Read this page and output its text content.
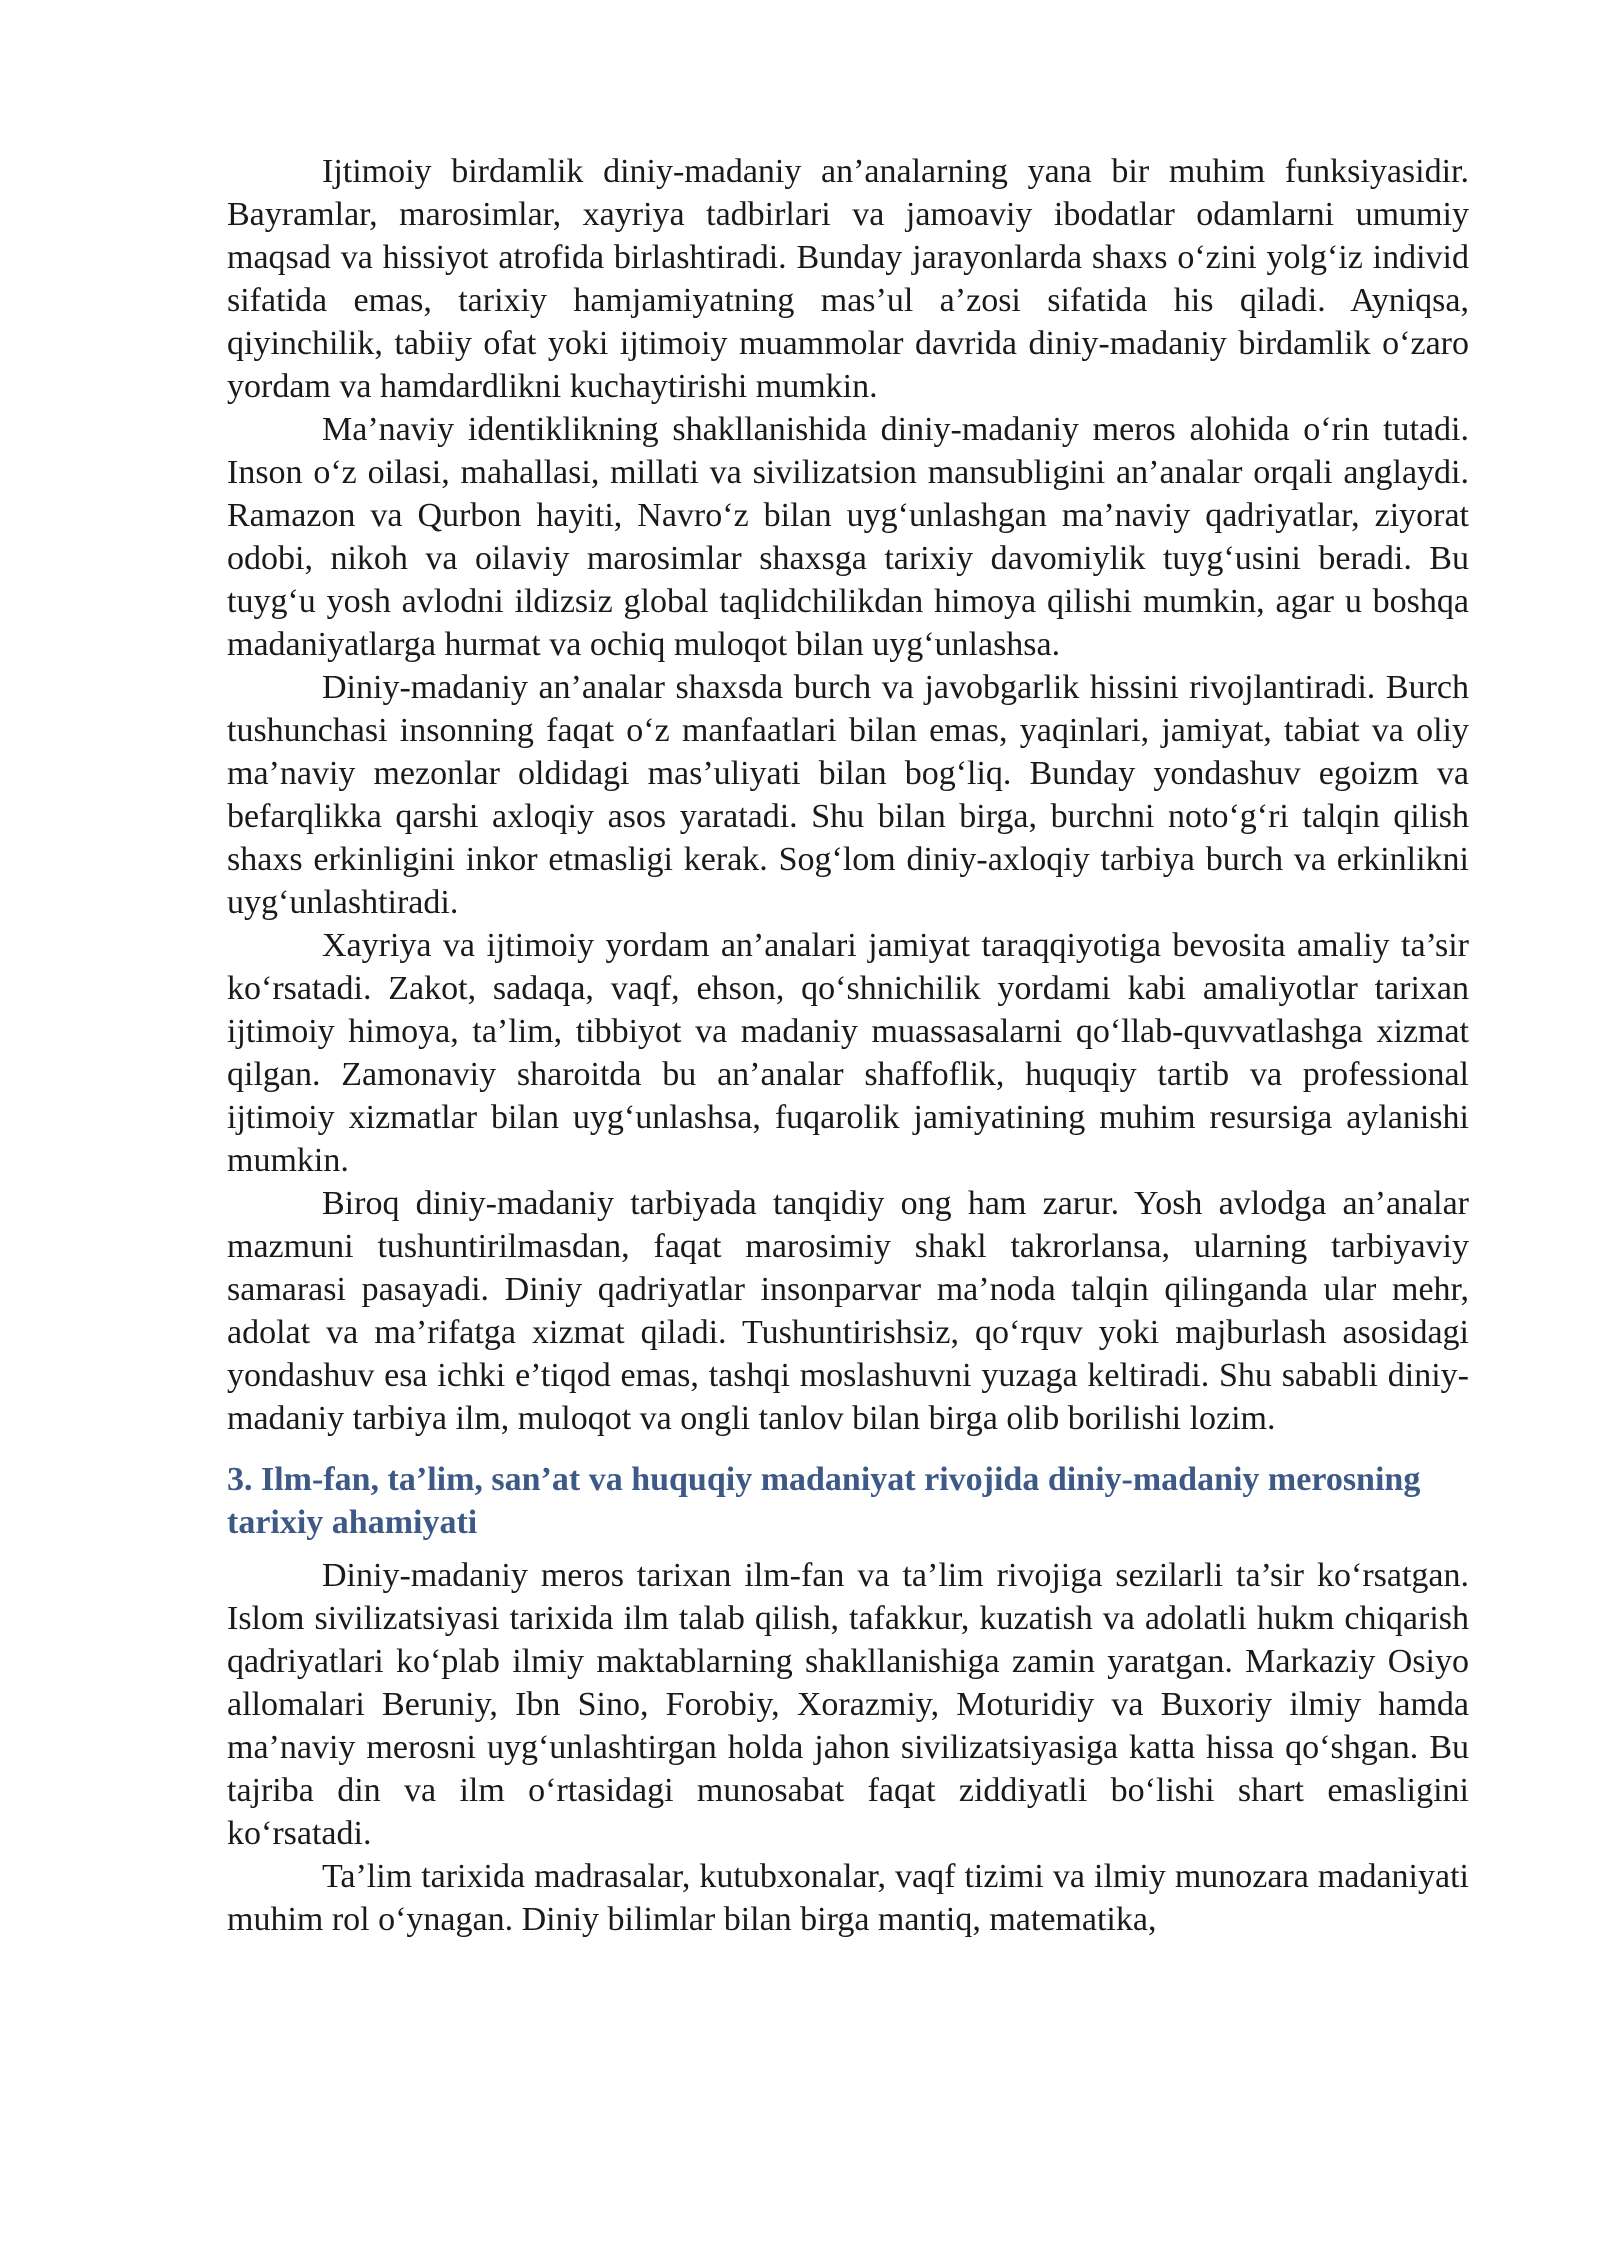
Ijtimoiy birdamlik diniy-madaniy an’analarning yana bir muhim funksiyasidir. Bayramlar, marosimlar, xayriya tadbirlari va jamoaviy ibodatlar odamlarni umumiy maqsad va hissiyot atrofida birlashtiradi. Bunday jarayonlarda shaxs o‘zini yolg‘iz individ sifatida emas, tarixiy hamjamiyatning mas’ul a’zosi sifatida his qiladi. Ayniqsa, qiyinchilik, tabiiy ofat yoki ijtimoiy muammolar davrida diniy-madaniy birdamlik o‘zaro yordam va hamdardlikni kuchaytirishi mumkin.

Ma’naviy identiklikning shakllanishida diniy-madaniy meros alohida o‘rin tutadi. Inson o‘z oilasi, mahallasi, millati va sivilizatsion mansubligini an’analar orqali anglaydi. Ramazon va Qurbon hayiti, Navro‘z bilan uyg‘unlashgan ma’naviy qadriyatlar, ziyorat odobi, nikoh va oilaviy marosimlar shaxsga tarixiy davomiylik tuyg‘usini beradi. Bu tuyg‘u yosh avlodni ildizsiz global taqlidchilikdan himoya qilishi mumkin, agar u boshqa madaniyatlarga hurmat va ochiq muloqot bilan uyg‘unlashsa.

Diniy-madaniy an’analar shaxsda burch va javobgarlik hissini rivojlantiradi. Burch tushunchasi insonning faqat o‘z manfaatlari bilan emas, yaqinlari, jamiyat, tabiat va oliy ma’naviy mezonlar oldidagi mas’uliyati bilan bog‘liq. Bunday yondashuv egoizm va befarqlikka qarshi axloqiy asos yaratadi. Shu bilan birga, burchni noto‘g‘ri talqin qilish shaxs erkinligini inkor etmasligi kerak. Sog‘lom diniy-axloqiy tarbiya burch va erkinlikni uyg‘unlashtiradi.

Xayriya va ijtimoiy yordam an’analari jamiyat taraqqiyotiga bevosita amaliy ta’sir ko‘rsatadi. Zakot, sadaqa, vaqf, ehson, qo‘shnichilik yordami kabi amaliyotlar tarixan ijtimoiy himoya, ta’lim, tibbiyot va madaniy muassasalarni qo‘llab-quvvatlashga xizmat qilgan. Zamonaviy sharoitda bu an’analar shaffoflik, huquqiy tartib va professional ijtimoiy xizmatlar bilan uyg‘unlashsa, fuqarolik jamiyatining muhim resursiga aylanishi mumkin.

Biroq diniy-madaniy tarbiyada tanqidiy ong ham zarur. Yosh avlodga an’analar mazmuni tushuntirilmasdan, faqat marosimiy shakl takrorlansa, ularning tarbiyaviy samarasi pasayadi. Diniy qadriyatlar insonparvar ma’noda talqin qilinganda ular mehr, adolat va ma’rifatga xizmat qiladi. Tushuntirishsiz, qo‘rquv yoki majburlash asosidagi yondashuv esa ichki e’tiqod emas, tashqi moslashuvni yuzaga keltiradi. Shu sababli diniy-madaniy tarbiya ilm, muloqot va ongli tanlov bilan birga olib borilishi lozim.

3. Ilm-fan, ta’lim, san’at va huquqiy madaniyat rivojida diniy-madaniy merosning tarixiy ahamiyati

Diniy-madaniy meros tarixan ilm-fan va ta’lim rivojiga sezilarli ta’sir ko‘rsatgan. Islom sivilizatsiyasi tarixida ilm talab qilish, tafakkur, kuzatish va adolatli hukm chiqarish qadriyatlari ko‘plab ilmiy maktablarning shakllanishiga zamin yaratgan. Markaziy Osiyo allomalari Beruniy, Ibn Sino, Forobiy, Xorazmiy, Moturidiy va Buxoriy ilmiy hamda ma’naviy merosni uyg‘unlashtirgan holda jahon sivilizatsiyasiga katta hissa qo‘shgan. Bu tajriba din va ilm o‘rtasidagi munosabat faqat ziddiyatli bo‘lishi shart emasligini ko‘rsatadi.

Ta’lim tarixida madrasalar, kutubxonalar, vaqf tizimi va ilmiy munozara madaniyati muhim rol o‘ynagan. Diniy bilimlar bilan birga mantiq, matematika,
